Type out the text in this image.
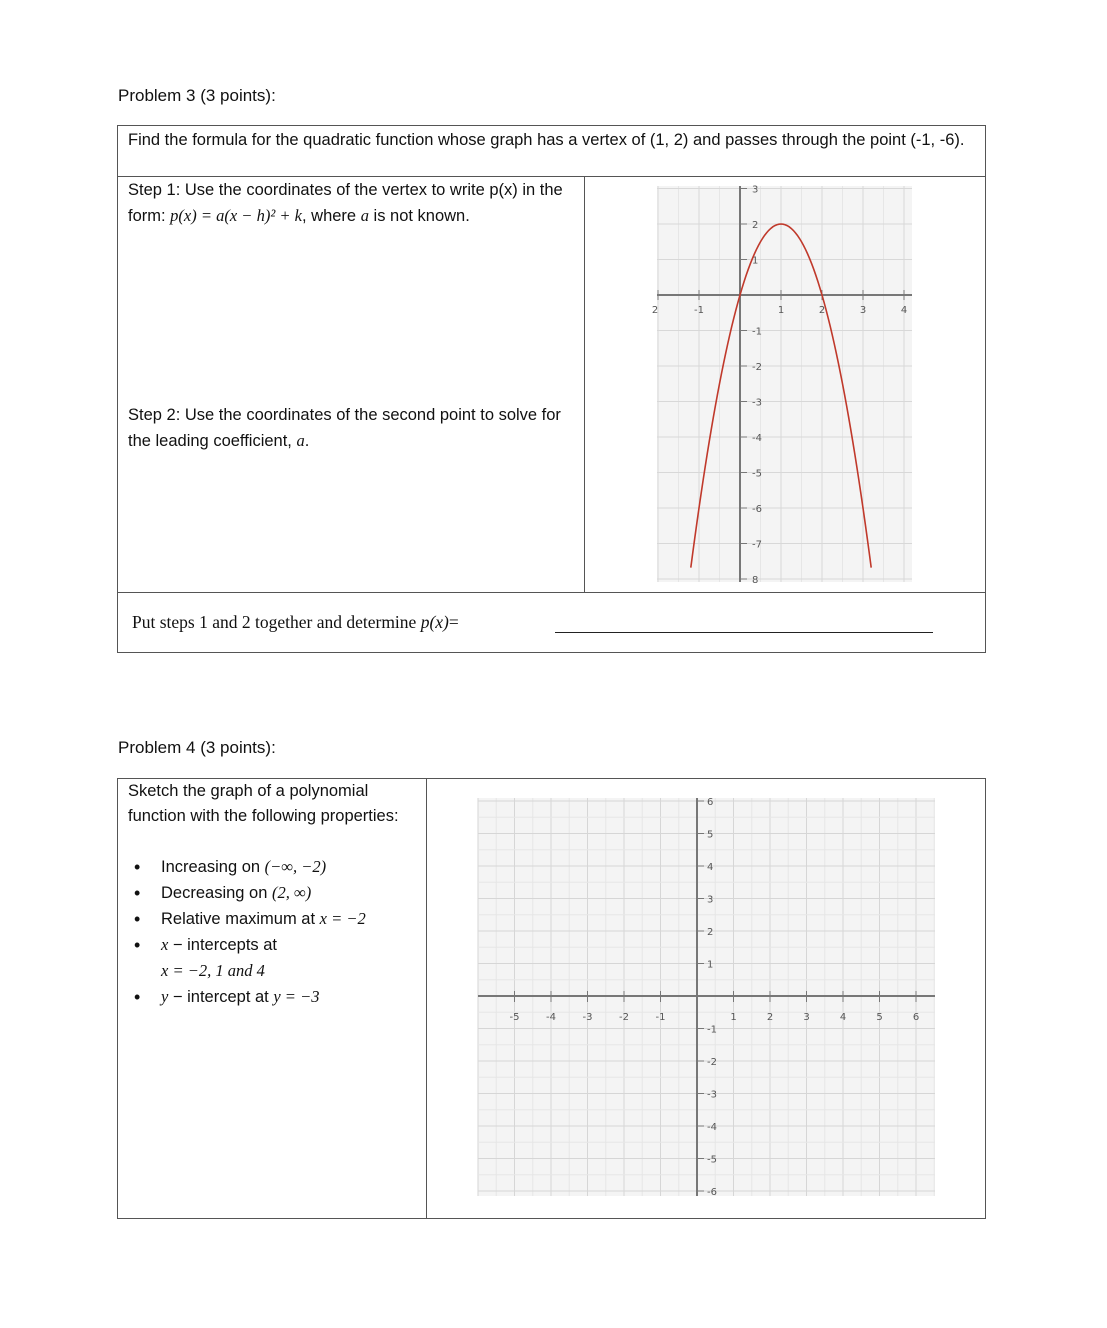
Problem 3 (3 points):
Find the formula for the quadratic function whose graph has a vertex of (1, 2) and passes through the point (-1, -6).
Step 1: Use the coordinates of the vertex to write p(x) in the form: p(x) = a(x − h)² + k, where a is not known.
Step 2: Use the coordinates of the second point to solve for the leading coefficient, a.
Put steps 1 and 2 together and determine p(x)=
2	-1	1	2	3	4
3
2
1
-1
-2
-3
-4
-5
-6
-7
8
Problem 4 (3 points):
Sketch the graph of a polynomial function with the following properties:
• Increasing on (−∞, −2)
• Decreasing on (2, ∞)
• Relative maximum at x = −2
• x − intercepts at
x = −2, 1 and 4
• y − intercept at y = −3
-5	-4	-3	-2	-1	1	2	3	4	5	6
6
5
4
3
2
1
-1
-2
-3
-4
-5
-6
